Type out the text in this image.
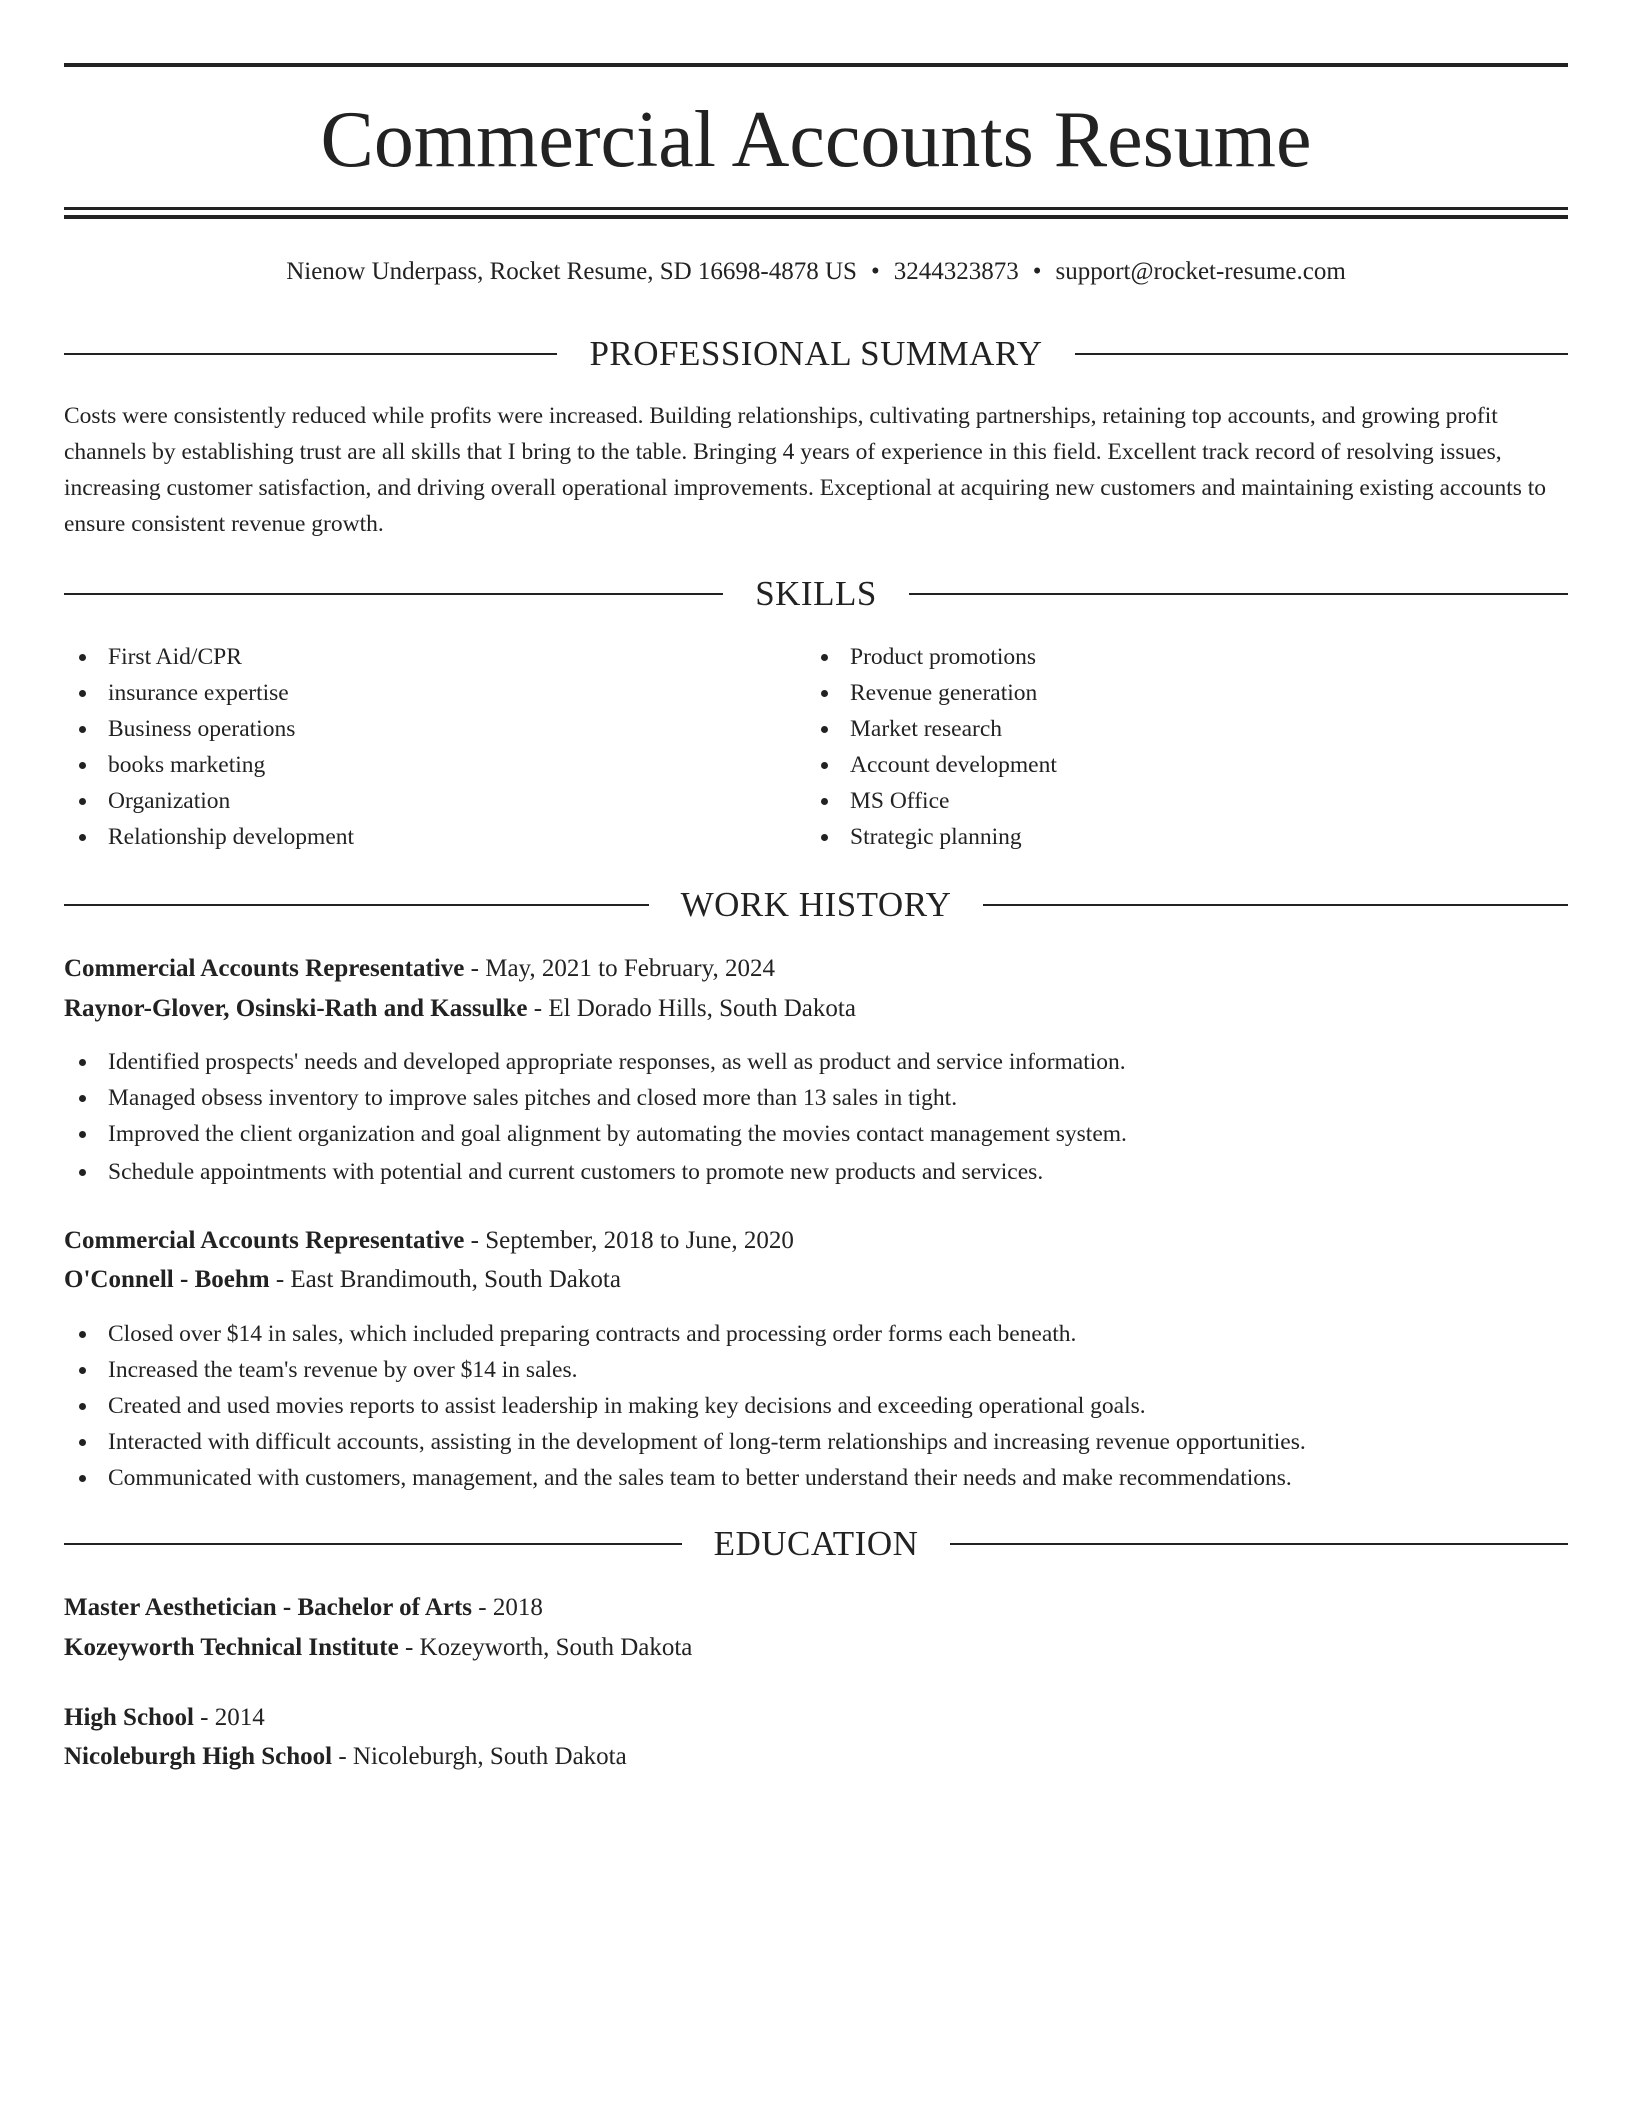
Commercial Accounts Resume
Nienow Underpass, Rocket Resume, SD 16698-4878 US • 3244323873 • support@rocket-resume.com
PROFESSIONAL SUMMARY
Costs were consistently reduced while profits were increased. Building relationships, cultivating partnerships, retaining top accounts, and growing profit channels by establishing trust are all skills that I bring to the table. Bringing 4 years of experience in this field. Excellent track record of resolving issues, increasing customer satisfaction, and driving overall operational improvements. Exceptional at acquiring new customers and maintaining existing accounts to ensure consistent revenue growth.
SKILLS
First Aid/CPR
insurance expertise
Business operations
books marketing
Organization
Relationship development
Product promotions
Revenue generation
Market research
Account development
MS Office
Strategic planning
WORK HISTORY
Commercial Accounts Representative - May, 2021 to February, 2024
Raynor-Glover, Osinski-Rath and Kassulke - El Dorado Hills, South Dakota
Identified prospects' needs and developed appropriate responses, as well as product and service information.
Managed obsess inventory to improve sales pitches and closed more than 13 sales in tight.
Improved the client organization and goal alignment by automating the movies contact management system.
Schedule appointments with potential and current customers to promote new products and services.
Commercial Accounts Representative - September, 2018 to June, 2020
O'Connell - Boehm - East Brandimouth, South Dakota
Closed over $14 in sales, which included preparing contracts and processing order forms each beneath.
Increased the team's revenue by over $14 in sales.
Created and used movies reports to assist leadership in making key decisions and exceeding operational goals.
Interacted with difficult accounts, assisting in the development of long-term relationships and increasing revenue opportunities.
Communicated with customers, management, and the sales team to better understand their needs and make recommendations.
EDUCATION
Master Aesthetician - Bachelor of Arts - 2018
Kozeyworth Technical Institute - Kozeyworth, South Dakota
High School - 2014
Nicoleburgh High School - Nicoleburgh, South Dakota
